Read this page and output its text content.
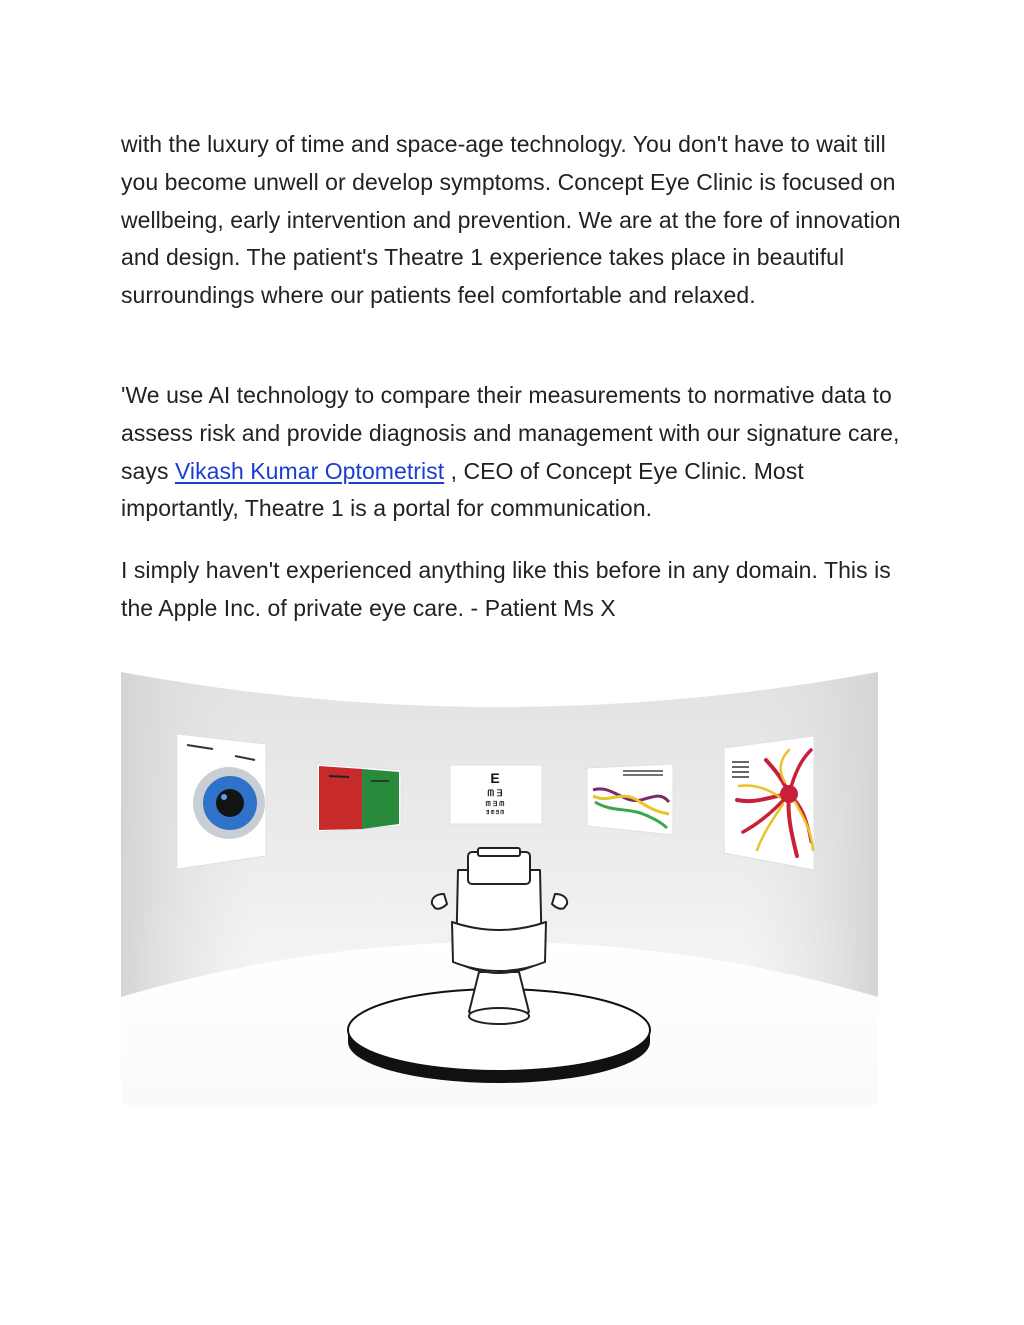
with the luxury of time and space-age technology. You don't have to wait till you become unwell or develop symptoms. Concept Eye Clinic is focused on wellbeing, early intervention and prevention. We are at the fore of innovation and design. The patient's Theatre 1 experience takes place in beautiful surroundings where our patients feel comfortable and relaxed.

'We use AI technology to compare their measurements to normative data to assess risk and provide diagnosis and management with our signature care, says Vikash Kumar Optometrist , CEO of Concept Eye Clinic. Most importantly, Theatre 1 is a portal for communication.

I simply haven't experienced anything like this before in any domain. This is the Apple Inc. of private eye care. - Patient Ms X

E
ᗰ ∃
ᗰ ∃ ᗰ
∃ ᗰ ∃ ᗰ
